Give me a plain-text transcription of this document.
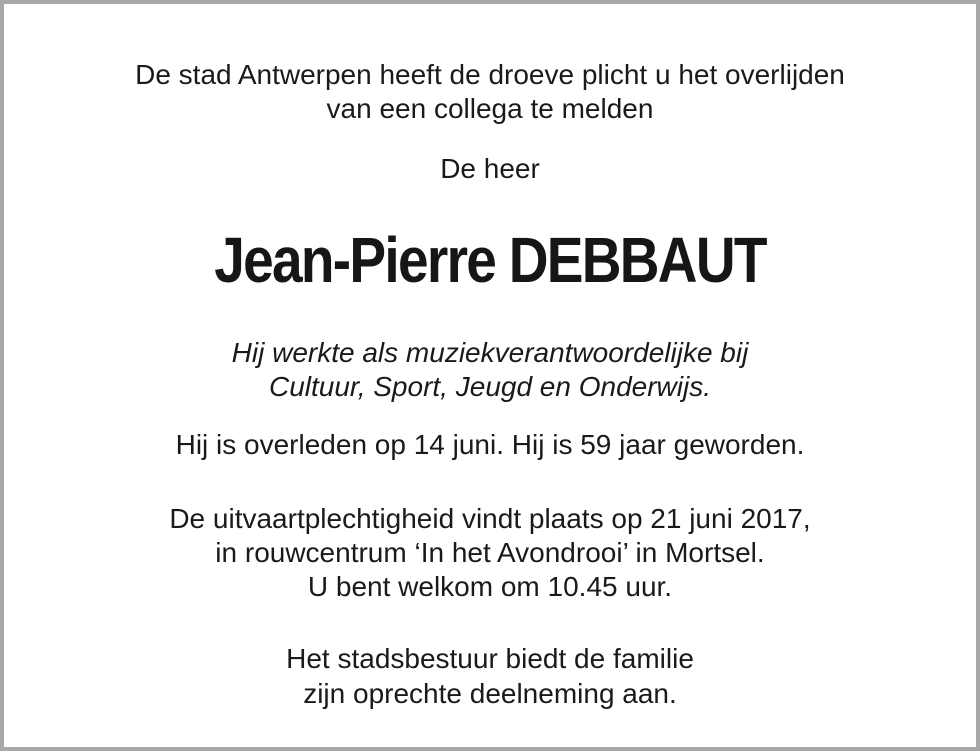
De stad Antwerpen heeft de droeve plicht u het overlijden
van een collega te melden
De heer
Jean-Pierre DEBBAUT
Hij werkte als muziekverantwoordelijke bij
Cultuur, Sport, Jeugd en Onderwijs.
Hij is overleden op 14 juni. Hij is 59 jaar geworden.
De uitvaartplechtigheid vindt plaats op 21 juni 2017,
in rouwcentrum ‘In het Avondrooi’ in Mortsel.
U bent welkom om 10.45 uur.
Het stadsbestuur biedt de familie
zijn oprechte deelneming aan.
